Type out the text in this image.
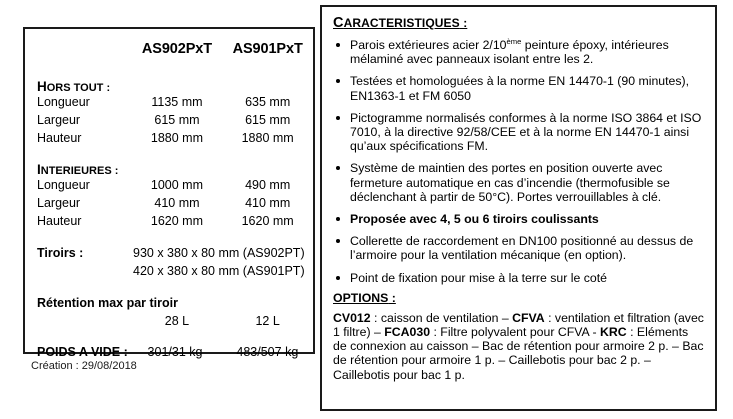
AS902PxT	AS901PxT
HORS TOUT :
Longueur	1135 mm	635 mm
Largeur	615 mm	615 mm
Hauteur	1880 mm	1880 mm
INTERIEURES :
Longueur	1000 mm	490 mm
Largeur	410 mm	410 mm
Hauteur	1620 mm	1620 mm
Tiroirs :	930 x 380 x 80 mm (AS902PT)
420 x 380 x 80 mm (AS901PT)
Rétention max par tiroir
28 L	12 L
POIDS A VIDE :	301/31 kg	483/507 kg
Création : 29/08/2018
CARACTERISTIQUES :
Parois extérieures acier 2/10ème peinture époxy, intérieures mélaminé avec panneaux isolant entre les 2.
Testées et homologuées à la norme EN 14470-1 (90 minutes), EN1363-1 et FM 6050
Pictogramme normalisés conformes à la norme ISO 3864 et ISO 7010, à la directive 92/58/CEE et à la norme EN 14470-1 ainsi qu’aux spécifications FM.
Système de maintien des portes en position ouverte avec fermeture automatique en cas d’incendie (thermofusible se déclenchant à partir de 50°C). Portes verrouillables à clé.
Proposée avec 4, 5 ou 6 tiroirs coulissants
Collerette de raccordement en DN100 positionné au dessus de l’armoire pour la ventilation mécanique (en option).
Point de fixation pour mise à la terre sur le coté
OPTIONS :
CV012 : caisson de ventilation – CFVA : ventilation et filtration (avec 1 filtre) – FCA030 : Filtre polyvalent pour CFVA - KRC : Eléments de connexion au caisson – Bac de rétention pour armoire 2 p. – Bac de rétention pour armoire 1 p. – Caillebotis pour bac 2 p. – Caillebotis pour bac 1 p.
